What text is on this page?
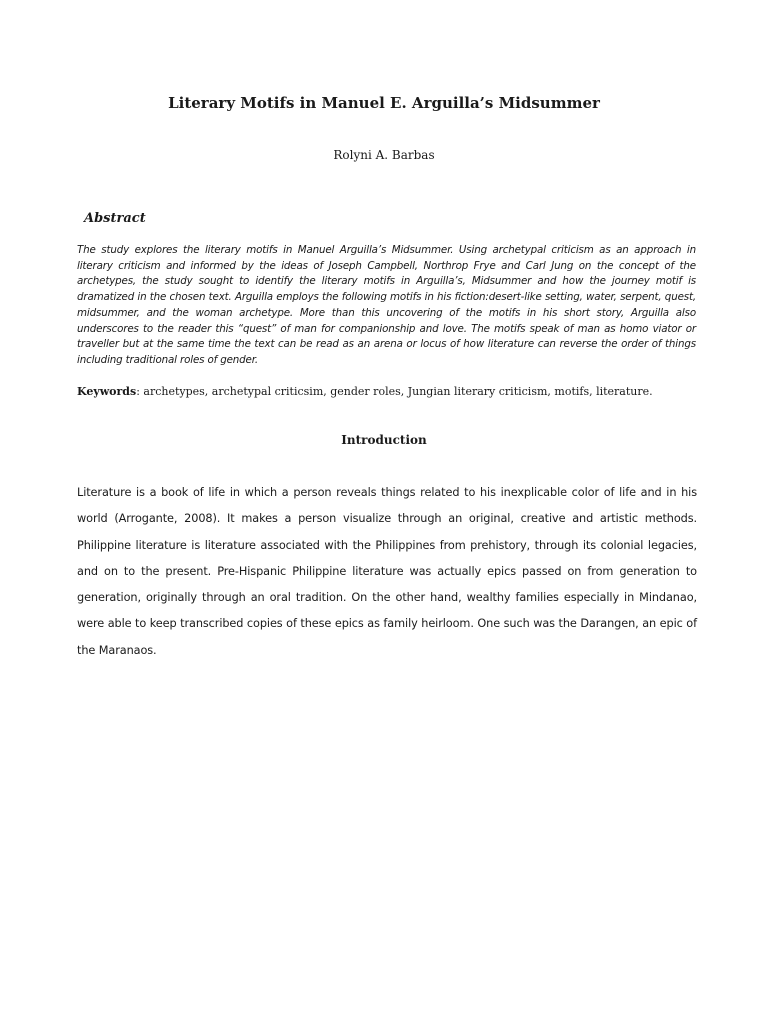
Literary Motifs in Manuel E. Arguilla’s Midsummer

Rolyni A. Barbas

Abstract

The study explores the literary motifs in Manuel Arguilla’s Midsummer. Using archetypal criticism as an approach in literary criticism and informed by the ideas of Joseph Campbell, Northrop Frye and Carl Jung on the concept of the archetypes, the study sought to identify the literary motifs in Arguilla’s, Midsummer and how the journey motif is dramatized in the chosen text. Arguilla employs the following motifs in his fiction:desert-like setting, water, serpent, quest, midsummer, and the woman archetype. More than this uncovering of the motifs in his short story, Arguilla also underscores to the reader this “quest” of man for companionship and love. The motifs speak of man as homo viator or traveller but at the same time the text can be read as an arena or locus of how literature can reverse the order of things including traditional roles of gender.

Keywords: archetypes, archetypal criticsim, gender roles, Jungian literary criticism, motifs, literature.

Introduction

Literature is a book of life in which a person reveals things related to his inexplicable color of life and in his world (Arrogante, 2008). It makes a person visualize through an original, creative and artistic methods. Philippine literature is literature associated with the Philippines from prehistory, through its colonial legacies, and on to the present. Pre-Hispanic Philippine literature was actually epics passed on from generation to generation, originally through an oral tradition. On the other hand, wealthy families especially in Mindanao, were able to keep transcribed copies of these epics as family heirloom. One such was the Darangen, an epic of the Maranaos.
